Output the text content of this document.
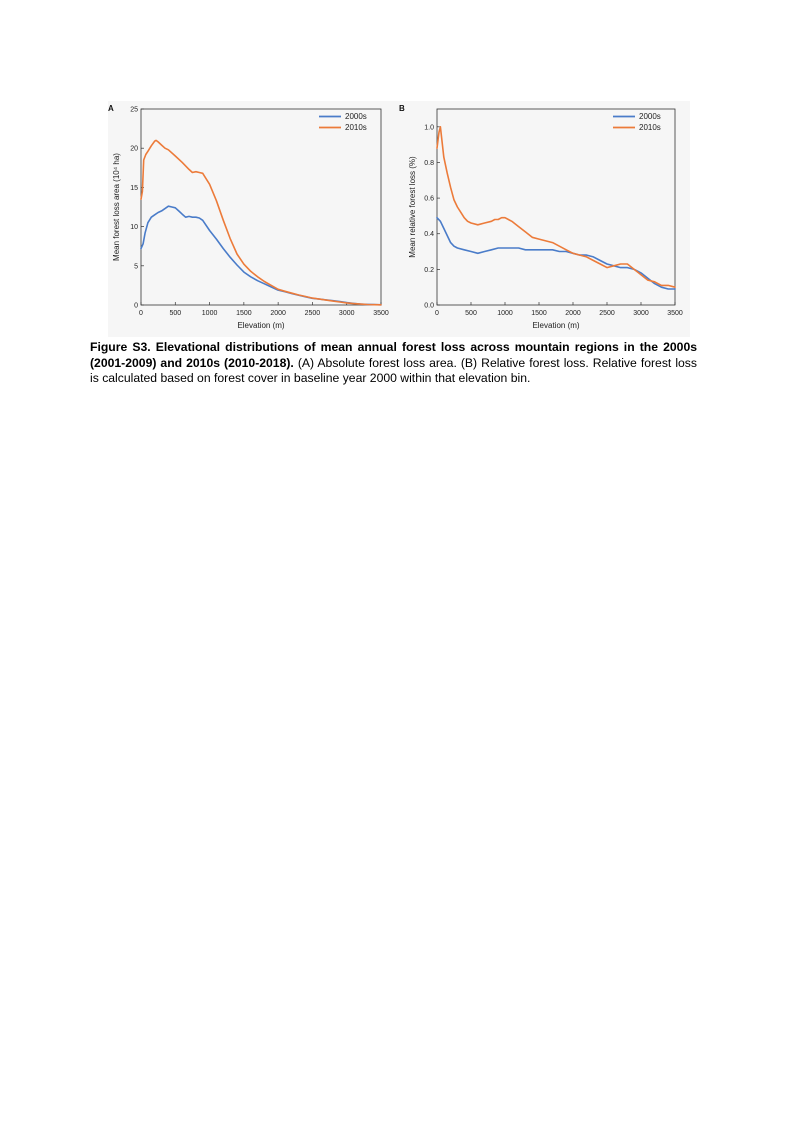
A
0	500	1000	1500	2000	2500	3000	3500
0
5
10
15
20
25
Elevation (m)
Mean forest loss area (10⁴ ha)
2000s
2010s
B
0	500	1000	1500	2000	2500	3000	3500
0.0
0.2
0.4
0.6
0.8
1.0
Elevation (m)
Mean relative forest loss (%)
2000s
2010s
Figure S3. Elevational distributions of mean annual forest loss across mountain regions in the 2000s (2001-2009) and 2010s (2010-2018). (A) Absolute forest loss area. (B) Relative forest loss. Relative forest loss is calculated based on forest cover in baseline year 2000 within that elevation bin.
